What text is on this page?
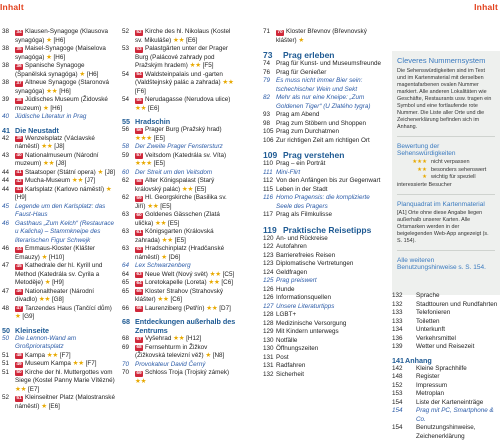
Inhalt	Inhalt
38	34 Klausen-Synagoge (Klausova synagóga) ★ [H6]
38	35 Maisel-Synagoge (Maiselova synagóga) ★ [H6]
38	36 Spanische Synagoge (Španělská synagóga) ★ [H6]
38	37 Altneue Synagoge (Staronová synagóga) ★★ [H6]
39	38 Jüdisches Museum (Židovské muzeum) ★ [H6]
40 Jüdische Literatur in Prag
41 Die Neustadt
42	39 Wenzelsplatz (Václavské náměstí) ★★ [J8]
43	40 Nationalmuseum (Národní muzeum) ★★ [J8]
44	41 Staatsoper (Státní opera) ★ [J8]
44	42 Mucha-Museum ★★ [J7]
44	43 Karlsplatz (Karlovo náměstí) ★ [H9]
45 Legende um den Karlsplatz: das Faust-Haus
46 Gasthaus „Zum Kelch“ (Restaurace u Kalicha) – Stammkneipe des literarischen Figur Schwejk
46	44 Emmaus-Kloster (Klášter Emauzy) ★ [H10]
47	45 Kathedrale der hl. Kyrill und Method (Katedrála sv. Cyrila a Metoděje) ★ [H9]
47	46 Nationaltheater (Národní divadlo) ★★ [G8]
48	47 Tanzendes Haus (Tančící dům) ★ [G9]
50 Kleinseite
50 Die Lennon-Wand am Großprioratsplatz
51	48 Kampa ★★ [F7]
51	49 Museum Kampa ★★ [F7]
51	50 Kirche der hl. Muttergottes vom Siege (Kostel Panny Marie Vítězné) ★★ [E7]
52	51 Kleinseitner Platz (Malostranské náměstí) ★ [E6]
52	52 Kirche des hl. Nikolaus (Kostel sv. Mikuláše) ★★ [E6]
53	53 Palastgärten unter der Prager Burg (Palácové zahrady pod Pražským hradem) ★★ [F5]
54	54 Waldsteinpalais und -garten (Valdštejnský palác a zahrada) ★★ [F6]
54	55 Nerudagasse (Nerudova ulice) ★★ [E6]
55 Hradschin
56	56 Prager Burg (Pražský hrad) ★★★ [E5]
58 Der Zweite Prager Fenstersturz
59	57 Veitsdom (Katedrála sv. Víta) ★★★ [E5]
60 Der Streit um den Veitsdom
62	58 Alter Königspalast (Starý královský palác) ★★ [E5]
62	59 Hl. Georgskirche (Basilika sv. Jiří) ★★ [E5]
63	60 Goldenes Gässchen (Zlatá ulička) ★★ [E5]
63	61 Königsgarten (Královská zahrada) ★★ [E5]
63	62 Hradschinplatz (Hradčanské náměstí) ★ [D6]
64 Lex Schwarzenberg
64	63 Neue Welt (Nový svět) ★★ [C5]
65	64 Loretokapelle (Loreta) ★★ [C6]
65	65 Kloster Strahov (Strahovský klášter) ★★ [C6]
66	66 Laurenziberg (Petřín) ★★ [D7]
68 Entdeckungen außerhalb des Zentrums
68	67 Vyšehrad ★★ [H12]
69	68 Fernsehturm in Žižkov (Žižkovská televizní věž) ★ [N8]
70 Provokateur David Černý
70	69 Schloss Troja (Trojský zámek) ★★
71	70 Kloster Břevnov (Břevnovský klášter) ★
73	Prag erleben
74 Prag für Kunst- und Museumsfreunde
76 Prag für Genießer
79 Es muss nicht immer Bier sein: tschechischer Wein und Sekt
82 Mehr als nur eine Kneipe: „Zum Goldenen Tiger“ (U Zlatého tygra)
93 Prag am Abend
98 Prag zum Stöbern und Shoppen
105 Prag zum Durchatmen
106 Zur richtigen Zeit am richtigen Ort
109 Prag verstehen
110 Prag – ein Porträt
111 Mini-Flirt
112 Von den Anfängen bis zur Gegenwart
115 Leben in der Stadt
116 Homo Pragensis: die komplizierte Seele des Pragers
117 Prag als Filmkulisse
119 Praktische Reisetipps
120 An- und Rückreise
122 Autofahren
123 Barrierefreies Reisen
123 Diplomatische Vertretungen
124 Geldfragen
125 Prag preiswert
126 Hunde
126 Informationsquellen
127 Unsere Literaturtipps
128 LGBT+
128 Medizinische Versorgung
129 Mit Kindern unterwegs
130 Notfälle
130 Öffnungszeiten
131 Post
131 Radfahren
132 Sicherheit
Cleveres Nummernsystem

Die Sehenswürdigkeiten sind im Text und im Kartenmaterial mit derselben magentafarbenen ovalen Nummer markiert. Alle anderen Lokalitäten wie Geschäfte, Restaurants usw. tragen ein Symbol und eine fortlaufende rote Nummer. Die Liste aller Orte und die Zeichenerklärung befinden sich im Anhang.

Bewertung der Sehenswürdigkeiten
★★★ nicht verpassen
★★ besonders sehenswert
★ wichtig für speziell interessierte Besucher
Planquadrat im Kartenmaterial

[A1] Orte ohne diese Angabe liegen außerhalb unserer Karten. Alle Ortsmarken werden in der beigelegenden Web-App angezeigt (s. S. 154).

Alle weiteren Benutzungshinweise s. S. 154.
132	Sprache
132	Stadttouren und Rundfahrten
133	Telefonieren
133	Toiletten
134	Unterkunft
136	Verkehrsmittel
139	Wetter und Reisezeit
141 Anhang
142	Kleine Sprachhilfe
148	Register
152	Impressum
153	Metroplan
154	Liste der Karteneinträge
154	Prag mit PC, Smartphone & Co.
154	Benutzungshinweise, Zeichenerklärung
